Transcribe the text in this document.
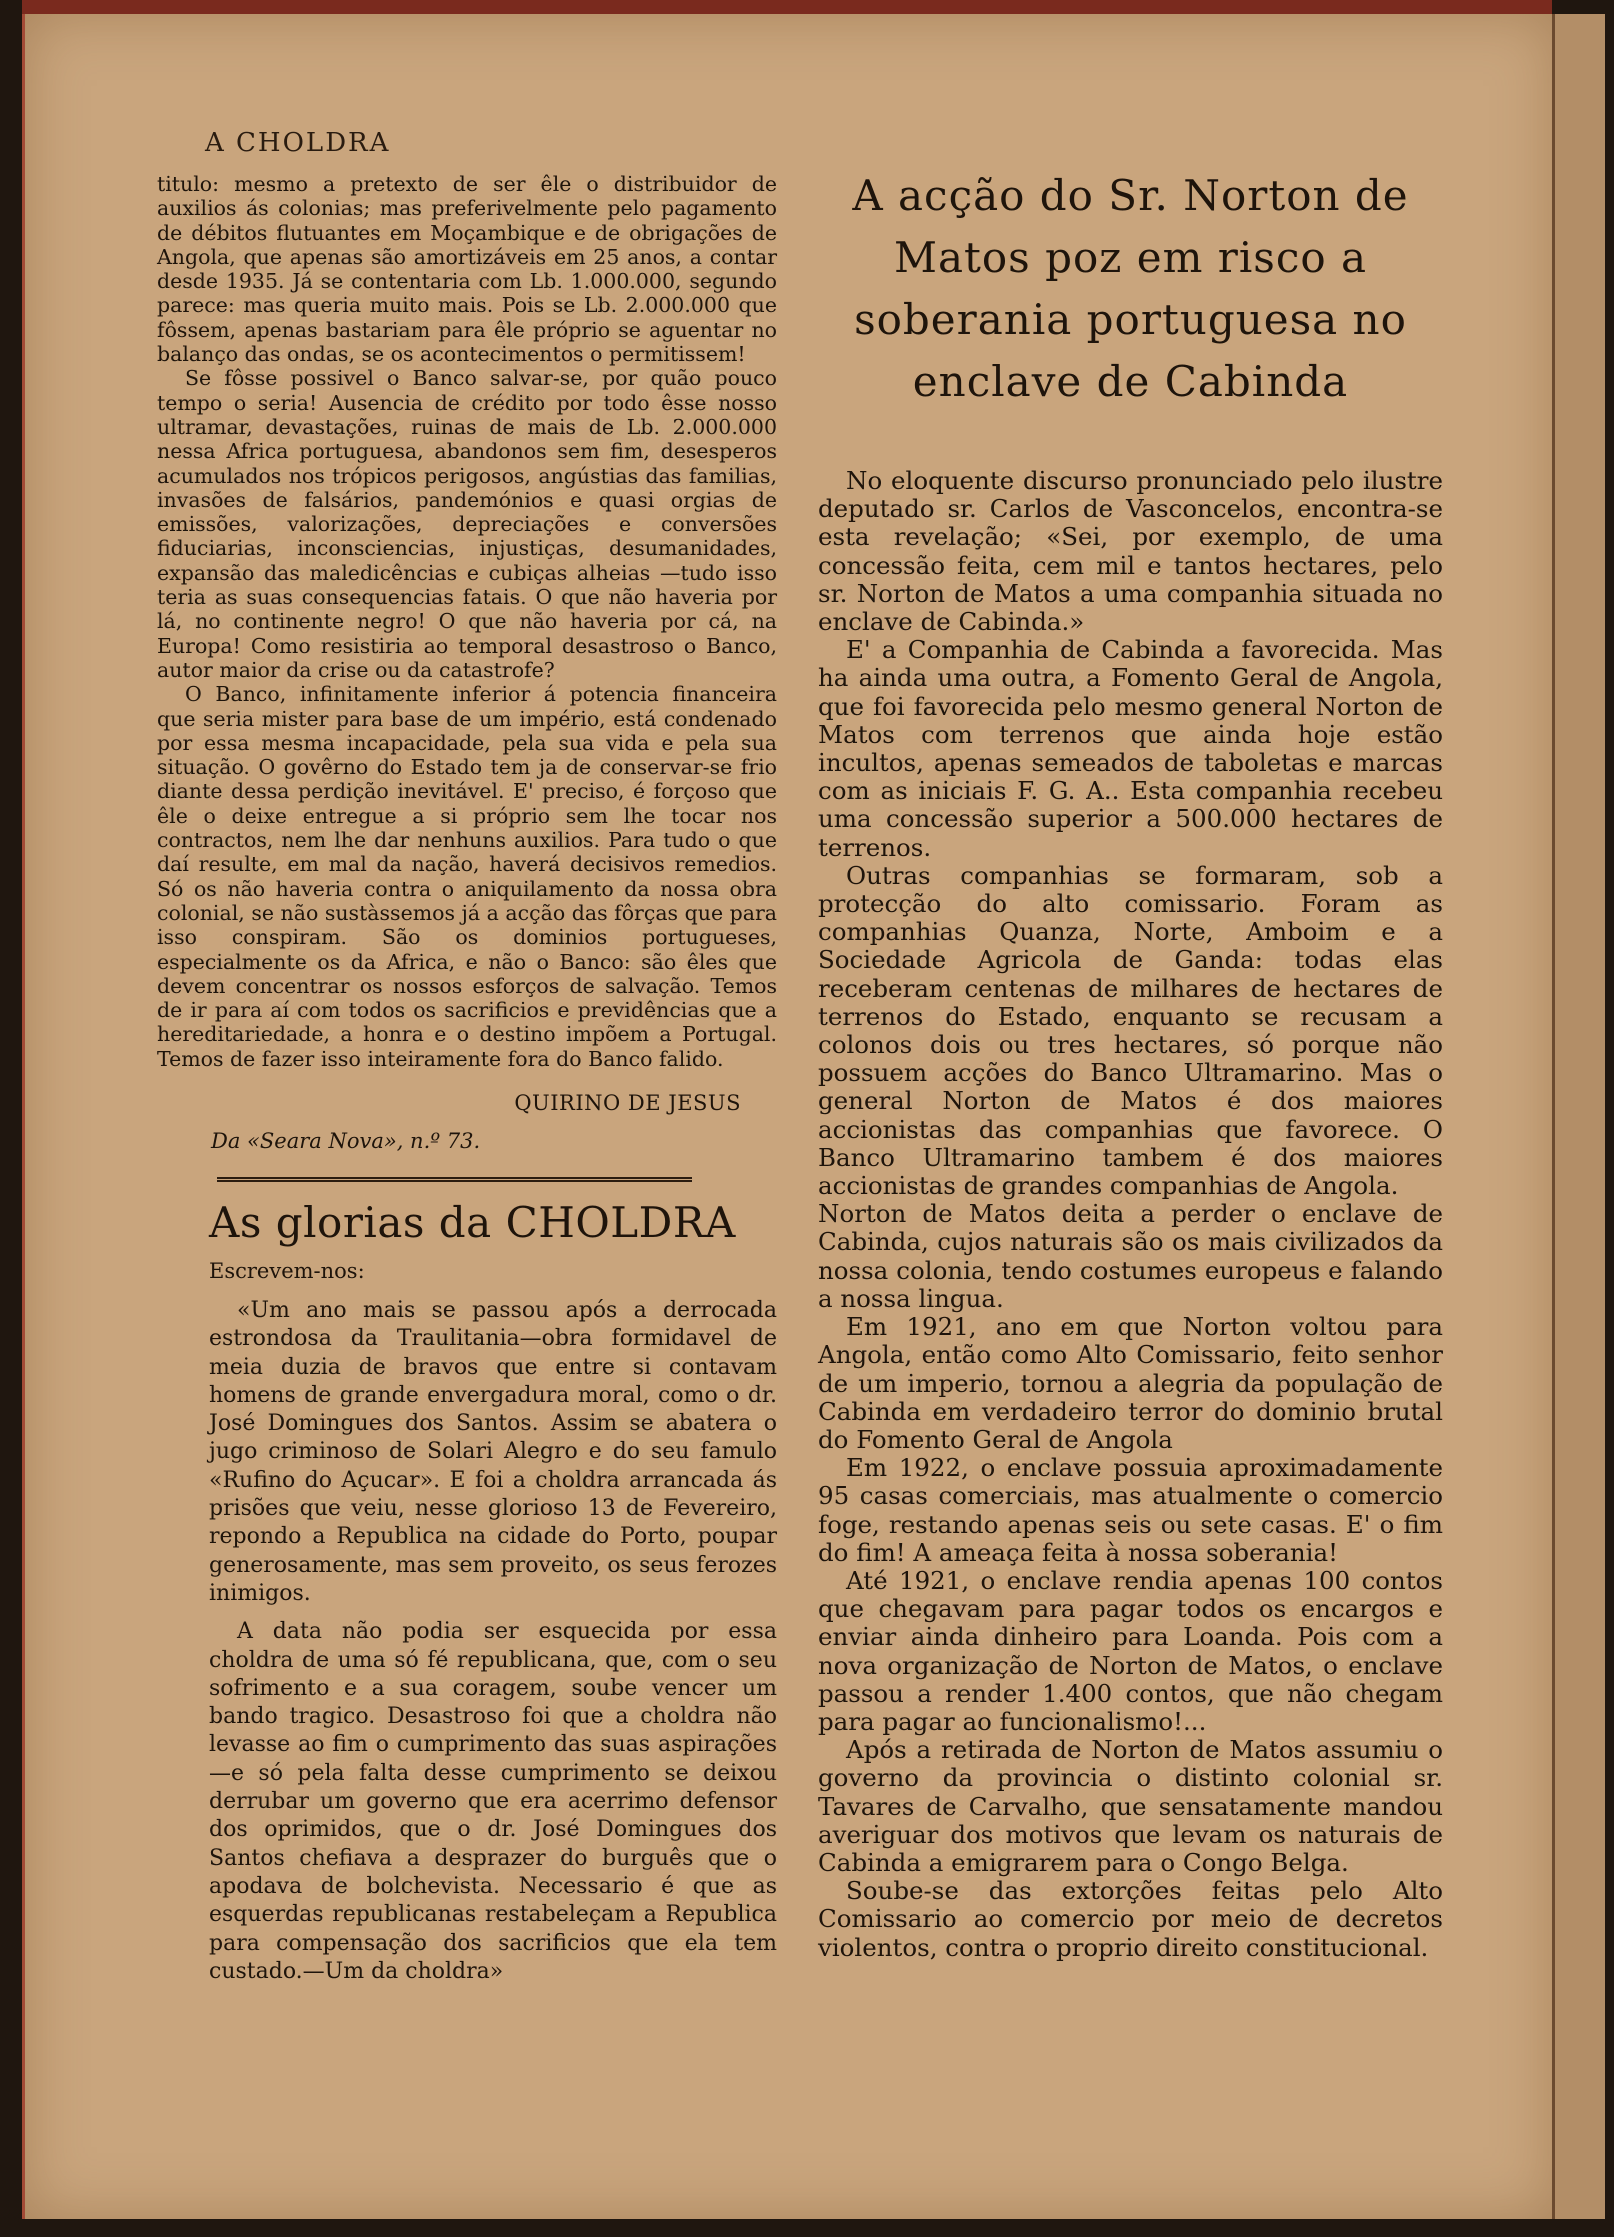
A CHOLDRA

titulo: mesmo a pretexto de ser êle o distribuidor de auxilios ás colonias; mas preferivelmente pelo pagamento de débitos flutuantes em Moçambique e de obrigações de Angola, que apenas são amortizáveis em 25 anos, a contar desde 1935. Já se contentaria com Lb. 1.000.000, segundo parece: mas queria muito mais. Pois se Lb. 2.000.000 que fôssem, apenas bastariam para êle próprio se aguentar no balanço das ondas, se os acontecimentos o permitissem!

Se fôsse possivel o Banco salvar-se, por quão pouco tempo o seria! Ausencia de crédito por todo êsse nosso ultramar, devastações, ruinas de mais de Lb. 2.000.000 nessa Africa portuguesa, abandonos sem fim, desesperos acumulados nos trópicos perigosos, angústias das familias, invasões de falsários, pandemónios e quasi orgias de emissões, valorizações, depreciações e conversões fiduciarias, inconsciencias, injustiças, desumanidades, expansão das maledicências e cubiças alheias —tudo isso teria as suas consequencias fatais. O que não haveria por lá, no continente negro! O que não haveria por cá, na Europa! Como resistiria ao temporal desastroso o Banco, autor maior da crise ou da catastrofe?

O Banco, infinitamente inferior á potencia financeira que seria mister para base de um império, está condenado por essa mesma incapacidade, pela sua vida e pela sua situação. O govêrno do Estado tem ja de conservar-se frio diante dessa perdição inevitável. E' preciso, é forçoso que êle o deixe entregue a si próprio sem lhe tocar nos contractos, nem lhe dar nenhuns auxilios. Para tudo o que daí resulte, em mal da nação, haverá decisivos remedios. Só os não haveria contra o aniquilamento da nossa obra colonial, se não sustàssemos já a acção das fôrças que para isso conspiram. São os dominios portugueses, especialmente os da Africa, e não o Banco: são êles que devem concentrar os nossos esforços de salvação. Temos de ir para aí com todos os sacrificios e previdências que a hereditariedade, a honra e o destino impõem a Portugal. Temos de fazer isso inteiramente fora do Banco falido.

QUIRINO DE JESUS
Da «Seara Nova», n.º 73.
As glorias da CHOLDRA
Escrevem-nos:

«Um ano mais se passou após a derrocada estrondosa da Traulitania—obra formidavel de meia duzia de bravos que entre si contavam homens de grande envergadura moral, como o dr. José Domingues dos Santos. Assim se abatera o jugo criminoso de Solari Alegro e do seu famulo «Rufino do Açucar». E foi a choldra arrancada ás prisões que veiu, nesse glorioso 13 de Fevereiro, repondo a Republica na cidade do Porto, poupar generosamente, mas sem proveito, os seus ferozes inimigos.

A data não podia ser esquecida por essa choldra de uma só fé republicana, que, com o seu sofrimento e a sua coragem, soube vencer um bando tragico. Desastroso foi que a choldra não levasse ao fim o cumprimento das suas aspirações—e só pela falta desse cumprimento se deixou derrubar um governo que era acerrimo defensor dos oprimidos, que o dr. José Domingues dos Santos chefiava a desprazer do burguês que o apodava de bolchevista. Necessario é que as esquerdas republicanas restabeleçam a Republica para compensação dos sacrificios que ela tem custado.—Um da choldra»

A acção do Sr. Norton de Matos poz em risco a soberania portuguesa no enclave de Cabinda

No eloquente discurso pronunciado pelo ilustre deputado sr. Carlos de Vasconcelos, encontra-se esta revelação; «Sei, por exemplo, de uma concessão feita, cem mil e tantos hectares, pelo sr. Norton de Matos a uma companhia situada no enclave de Cabinda.»

E' a Companhia de Cabinda a favorecida. Mas ha ainda uma outra, a Fomento Geral de Angola, que foi favorecida pelo mesmo general Norton de Matos com terrenos que ainda hoje estão incultos, apenas semeados de taboletas e marcas com as iniciais F. G. A.. Esta companhia recebeu uma concessão superior a 500.000 hectares de terrenos.

Outras companhias se formaram, sob a protecção do alto comissario. Foram as companhias Quanza, Norte, Amboim e a Sociedade Agricola de Ganda: todas elas receberam centenas de milhares de hectares de terrenos do Estado, enquanto se recusam a colonos dois ou tres hectares, só porque não possuem acções do Banco Ultramarino. Mas o general Norton de Matos é dos maiores accionistas das companhias que favorece. O Banco Ultramarino tambem é dos maiores accionistas de grandes companhias de Angola.

Norton de Matos deita a perder o enclave de Cabinda, cujos naturais são os mais civilizados da nossa colonia, tendo costumes europeus e falando a nossa lingua.

Em 1921, ano em que Norton voltou para Angola, então como Alto Comissario, feito senhor de um imperio, tornou a alegria da população de Cabinda em verdadeiro terror do dominio brutal do Fomento Geral de Angola

Em 1922, o enclave possuia aproximadamente 95 casas comerciais, mas atualmente o comercio foge, restando apenas seis ou sete casas. E' o fim do fim! A ameaça feita à nossa soberania!

Até 1921, o enclave rendia apenas 100 contos que chegavam para pagar todos os encargos e enviar ainda dinheiro para Loanda. Pois com a nova organização de Norton de Matos, o enclave passou a render 1.400 contos, que não chegam para pagar ao funcionalismo!...

Após a retirada de Norton de Matos assumiu o governo da provincia o distinto colonial sr. Tavares de Carvalho, que sensatamente mandou averiguar dos motivos que levam os naturais de Cabinda a emigrarem para o Congo Belga.

Soube-se das extorções feitas pelo Alto Comissario ao comercio por meio de decretos violentos, contra o proprio direito constitucional.
